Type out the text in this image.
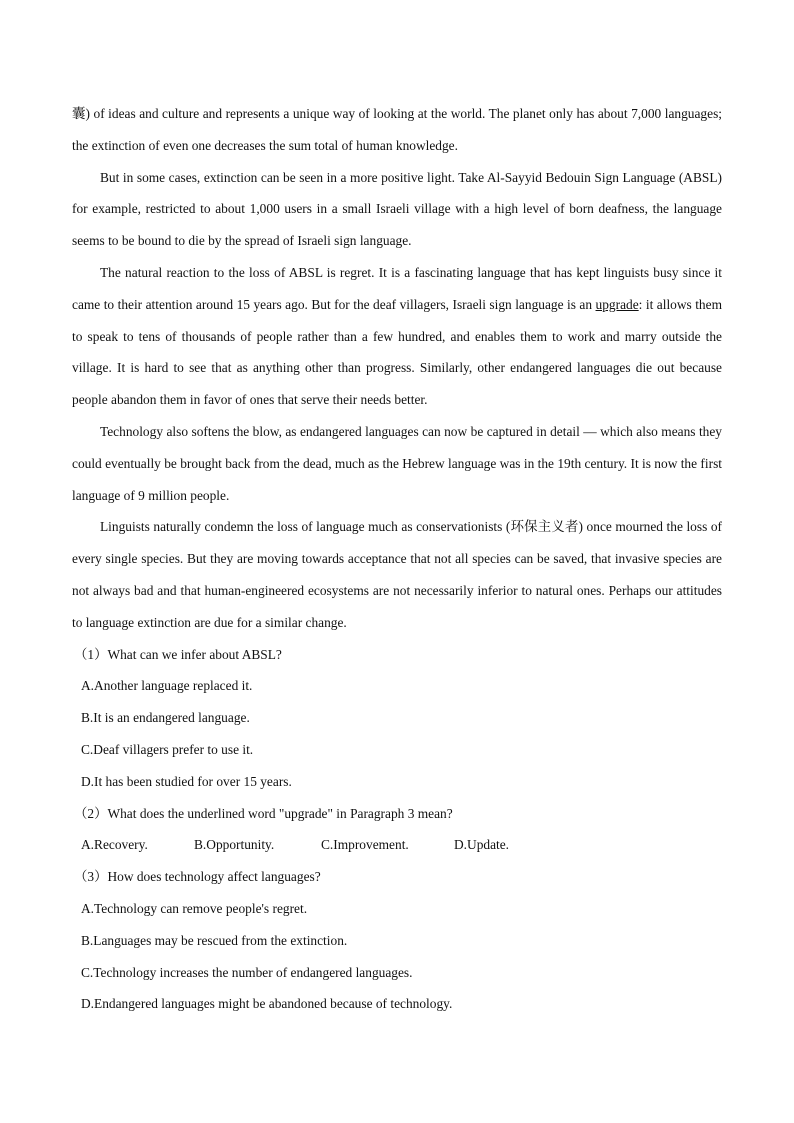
囊) of ideas and culture and represents a unique way of looking at the world. The planet only has about 7,000 languages; the extinction of even one decreases the sum total of human knowledge.

But in some cases, extinction can be seen in a more positive light. Take Al-Sayyid Bedouin Sign Language (ABSL) for example, restricted to about 1,000 users in a small Israeli village with a high level of born deafness, the language seems to be bound to die by the spread of Israeli sign language.

The natural reaction to the loss of ABSL is regret. It is a fascinating language that has kept linguists busy since it came to their attention around 15 years ago. But for the deaf villagers, Israeli sign language is an upgrade: it allows them to speak to tens of thousands of people rather than a few hundred, and enables them to work and marry outside the village. It is hard to see that as anything other than progress. Similarly, other endangered languages die out because people abandon them in favor of ones that serve their needs better.

Technology also softens the blow, as endangered languages can now be captured in detail — which also means they could eventually be brought back from the dead, much as the Hebrew language was in the 19th century. It is now the first language of 9 million people.

Linguists naturally condemn the loss of language much as conservationists (环保主义者) once mourned the loss of every single species. But they are moving towards acceptance that not all species can be saved, that invasive species are not always bad and that human-engineered ecosystems are not necessarily inferior to natural ones. Perhaps our attitudes to language extinction are due for a similar change.

（1）What can we infer about ABSL?

A.Another language replaced it.

B.It is an endangered language.

C.Deaf villagers prefer to use it.

D.It has been studied for over 15 years.

（2）What does the underlined word "upgrade" in Paragraph 3 mean?

A.Recovery.	B.Opportunity.	C.Improvement.	D.Update.

（3）How does technology affect languages?

A.Technology can remove people's regret.

B.Languages may be rescued from the extinction.

C.Technology increases the number of endangered languages.

D.Endangered languages might be abandoned because of technology.
